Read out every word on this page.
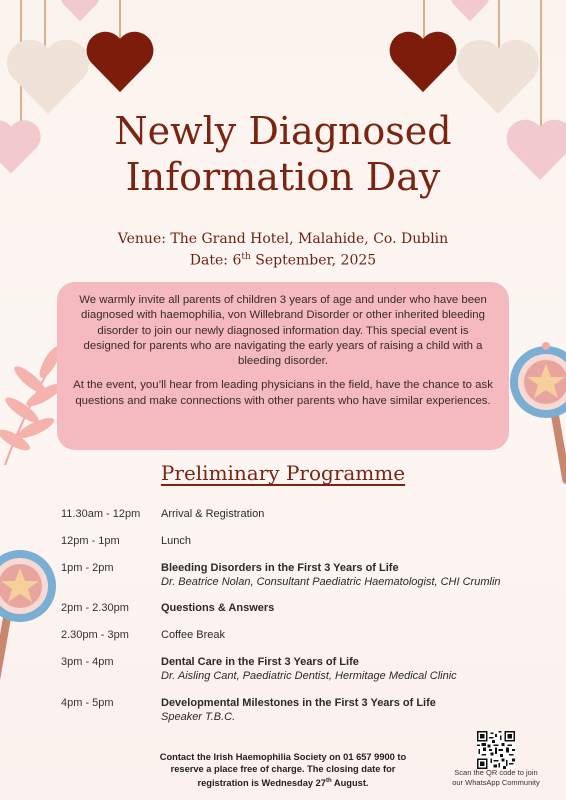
Newly Diagnosed
Information Day
Venue: The Grand Hotel, Malahide, Co. Dublin
Date: 6th September, 2025

We warmly invite all parents of children 3 years of age and under who have been diagnosed with haemophilia, von Willebrand Disorder or other inherited bleeding disorder to join our newly diagnosed information day. This special event is designed for parents who are navigating the early years of raising a child with a bleeding disorder.

At the event, you’ll hear from leading physicians in the field, have the chance to ask questions and make connections with other parents who have similar experiences.

Preliminary Programme
11.30am - 12pm Arrival & Registration
12pm - 1pm	Lunch
1pm - 2pm	Bleeding Disorders in the First 3 Years of Life
Dr. Beatrice Nolan, Consultant Paediatric Haematologist, CHI Crumlin
2pm - 2.30pm	Questions & Answers
2.30pm - 3pm	Coffee Break
3pm - 4pm	Dental Care in the First 3 Years of Life
Dr. Aisling Cant, Paediatric Dentist, Hermitage Medical Clinic
4pm - 5pm	Developmental Milestones in the First 3 Years of Life
Speaker T.B.C.
Contact the Irish Haemophilia Society on 01 657 9900 to
reserve a place free of charge. The closing date for
registration is Wednesday 27th August.
Scan the QR code to join
our WhatsApp Community
